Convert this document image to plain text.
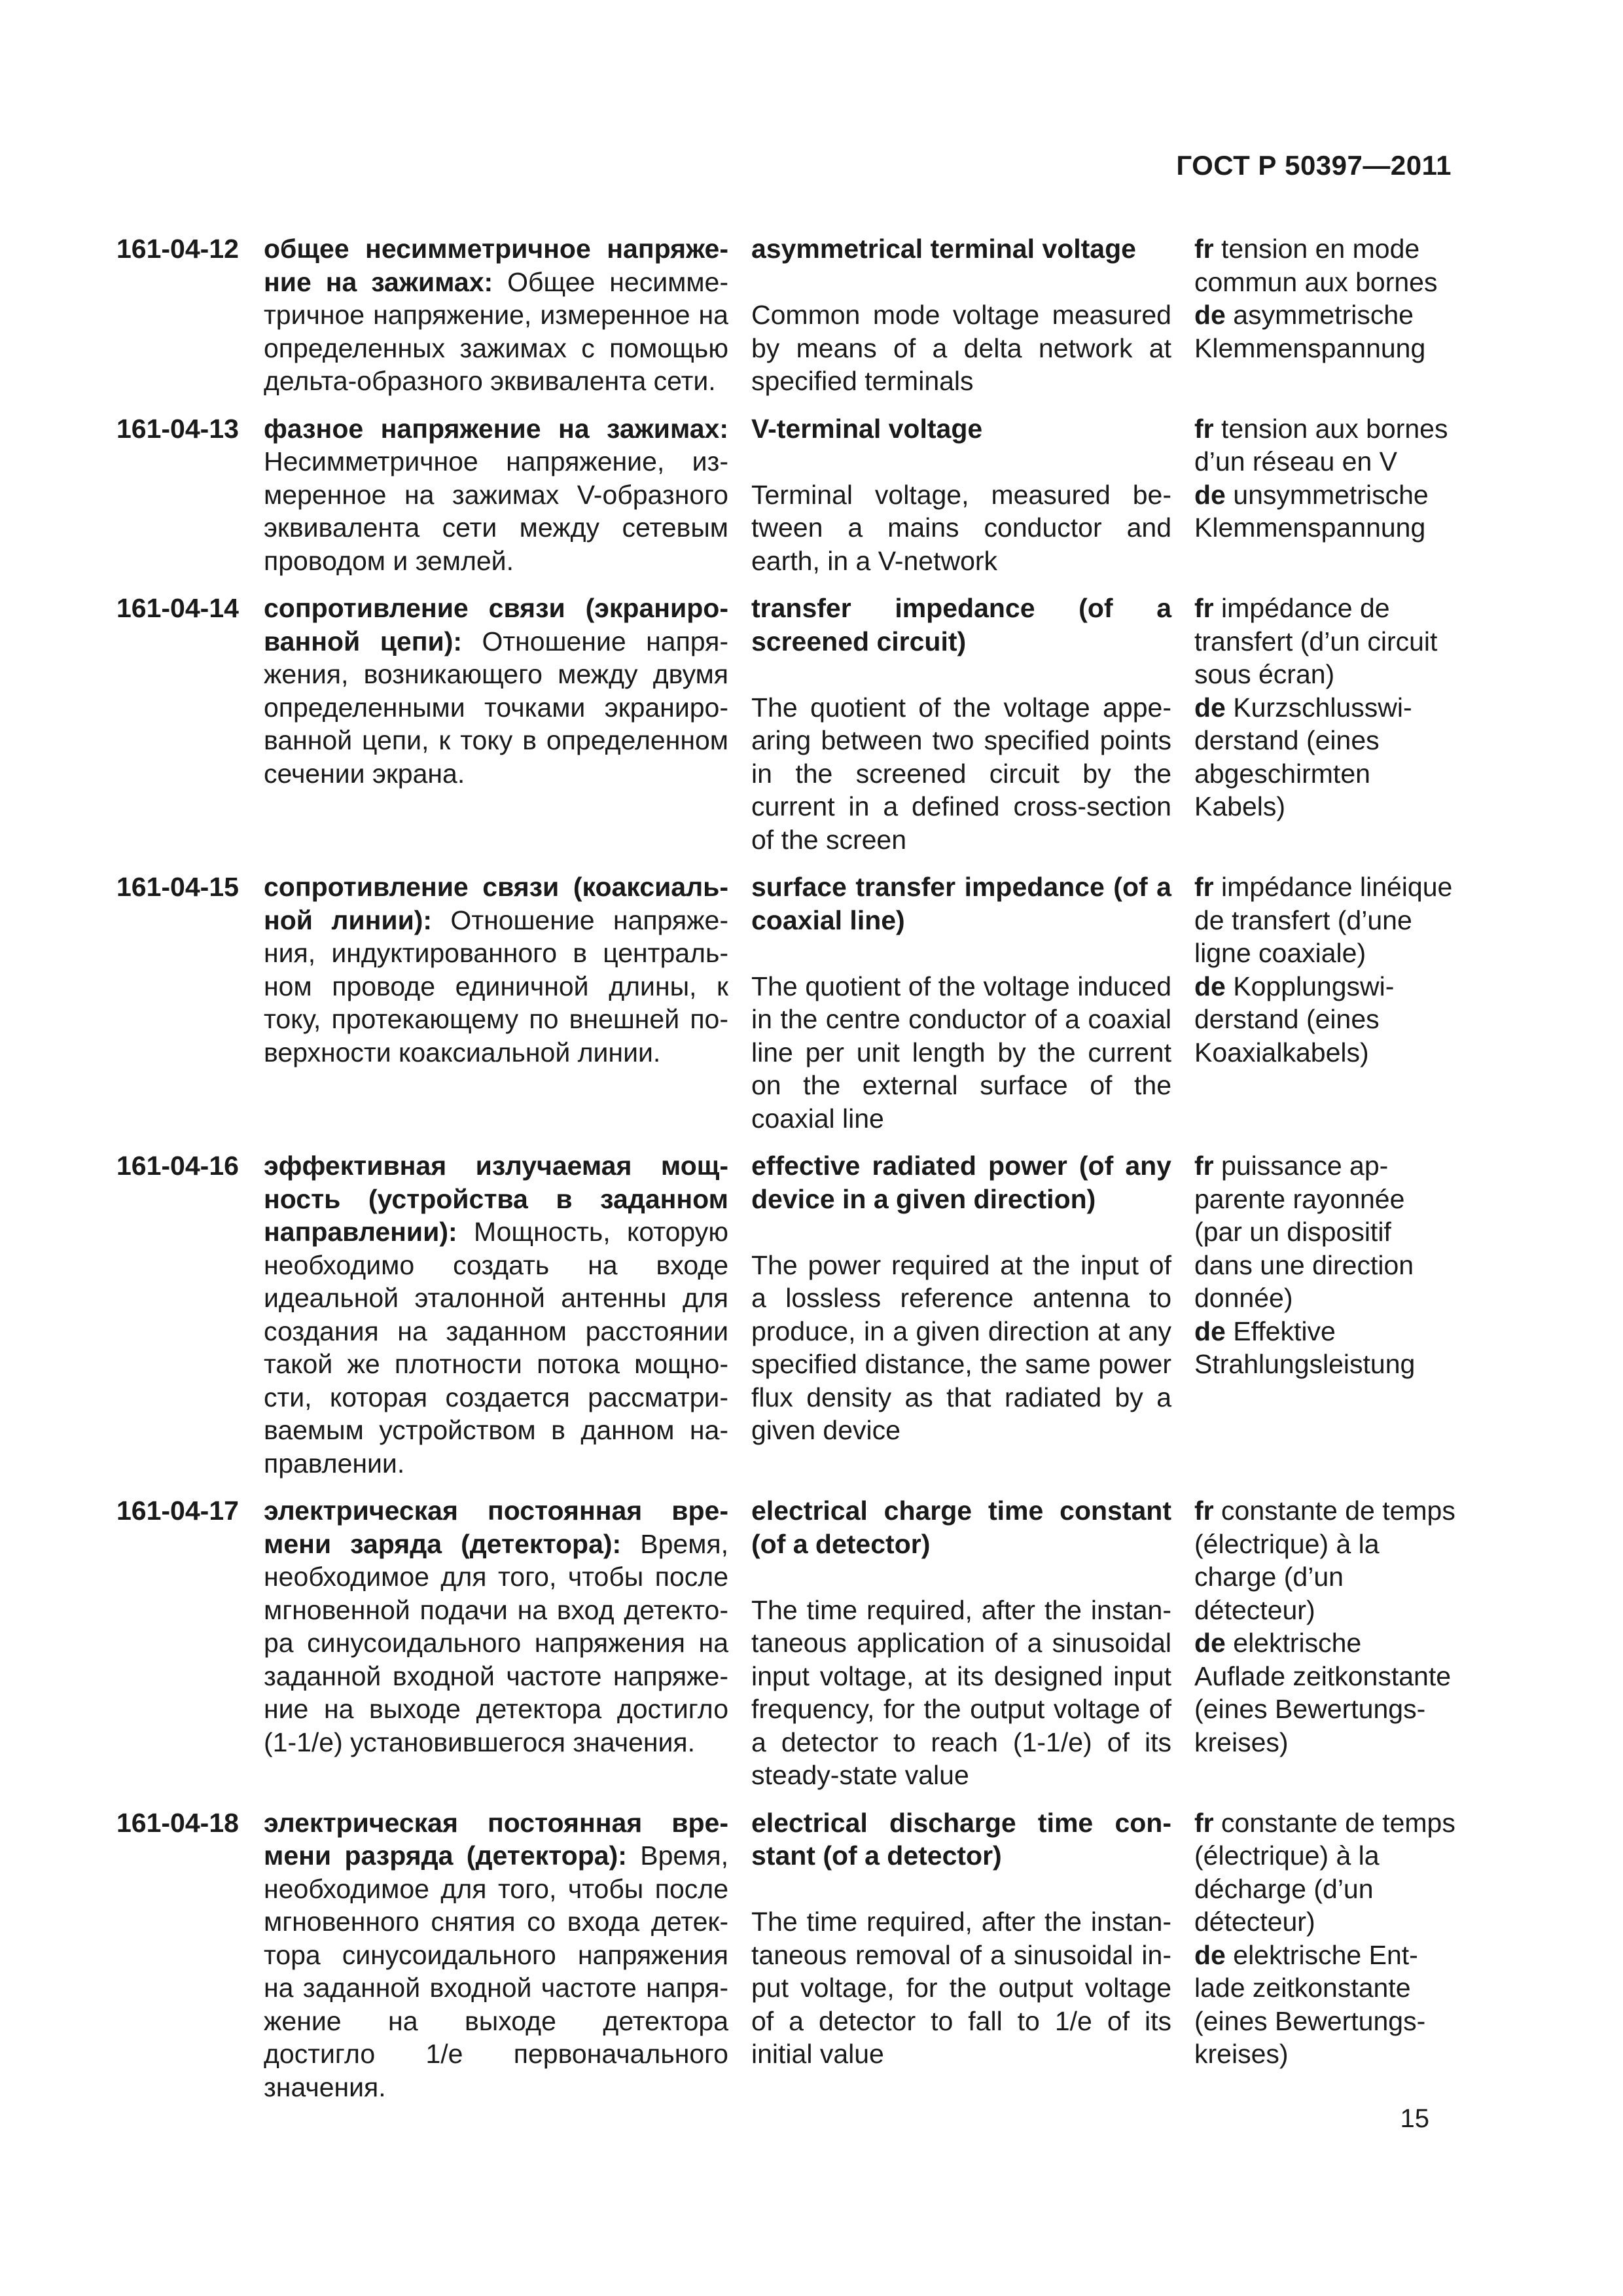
ГОСТ Р 50397—2011
161-04-12 общее несимметричное напряжение на зажимах: Общее несимметричное напряжение, измеренное на определенных зажимах с помощью дельта-образного эквивалента сети.
asymmetrical terminal voltage
Common mode voltage measured by means of a delta network at specified terminals
fr tension en mode commun aux bornes
de asymmetrische Klemmenspannung
161-04-13 фазное напряжение на зажимах: Несимметричное напряжение, измеренное на зажимах V-образного эквивалента сети между сетевым проводом и землей.
V-terminal voltage
Terminal voltage, measured between a mains conductor and earth, in a V-network
fr tension aux bornes d’un réseau en V
de unsymmetrische Klemmenspannung
161-04-14 сопротивление связи (экранированной цепи): Отношение напряжения, возникающего между двумя определенными точками экранированной цепи, к току в определенном сечении экрана.
transfer impedance (of a screened circuit)
The quotient of the voltage appearing between two specified points in the screened circuit by the current in a defined cross-section of the screen
fr impédance de transfert (d’un circuit sous écran)
de Kurzschlusswiderstand (eines abgeschirmten Kabels)
161-04-15 сопротивление связи (коаксиальной линии): Отношение напряжения, индуктированного в центральном проводе единичной длины, к току, протекающему по внешней поверхности коаксиальной линии.
surface transfer impedance (of a coaxial line)
The quotient of the voltage induced in the centre conductor of a coaxial line per unit length by the current on the external surface of the coaxial line
fr impédance linéique de transfert (d’une ligne coaxiale)
de Kopplungswiderstand (eines Koaxialkabels)
161-04-16 эффективная излучаемая мощность (устройства в заданном направлении): Мощность, которую необходимо создать на входе идеальной эталонной антенны для создания на заданном расстоянии такой же плотности потока мощности, которая создается рассматриваемым устройством в данном направлении.
effective radiated power (of any device in a given direction)
The power required at the input of a lossless reference antenna to produce, in a given direction at any specified distance, the same power flux density as that radiated by a given device
fr puissance apparente rayonnée (par un dispositif dans une direction donnée)
de Effektive Strahlungsleistung
161-04-17 электрическая постоянная времени заряда (детектора): Время, необходимое для того, чтобы после мгновенной подачи на вход детектора синусоидального напряжения на заданной входной частоте напряжение на выходе детектора достигло (1-1/e) установившегося значения.
electrical charge time constant (of a detector)
The time required, after the instantaneous application of a sinusoidal input voltage, at its designed input frequency, for the output voltage of a detector to reach (1-1/e) of its steady-state value
fr constante de temps (électrique) à la charge (d’un détecteur)
de elektrische Auflade zeitkonstante (eines Bewertungskreises)
161-04-18 электрическая постоянная времени разряда (детектора): Время, необходимое для того, чтобы после мгновенного снятия со входа детектора синусоидального напряжения на заданной входной частоте напряжение на выходе детектора достигло 1/e первоначального значения.
electrical discharge time constant (of a detector)
The time required, after the instantaneous removal of a sinusoidal input voltage, for the output voltage of a detector to fall to 1/e of its initial value
fr constante de temps (électrique) à la décharge (d’un détecteur)
de elektrische Entlade zeitkonstante (eines Bewertungskreises)
15
